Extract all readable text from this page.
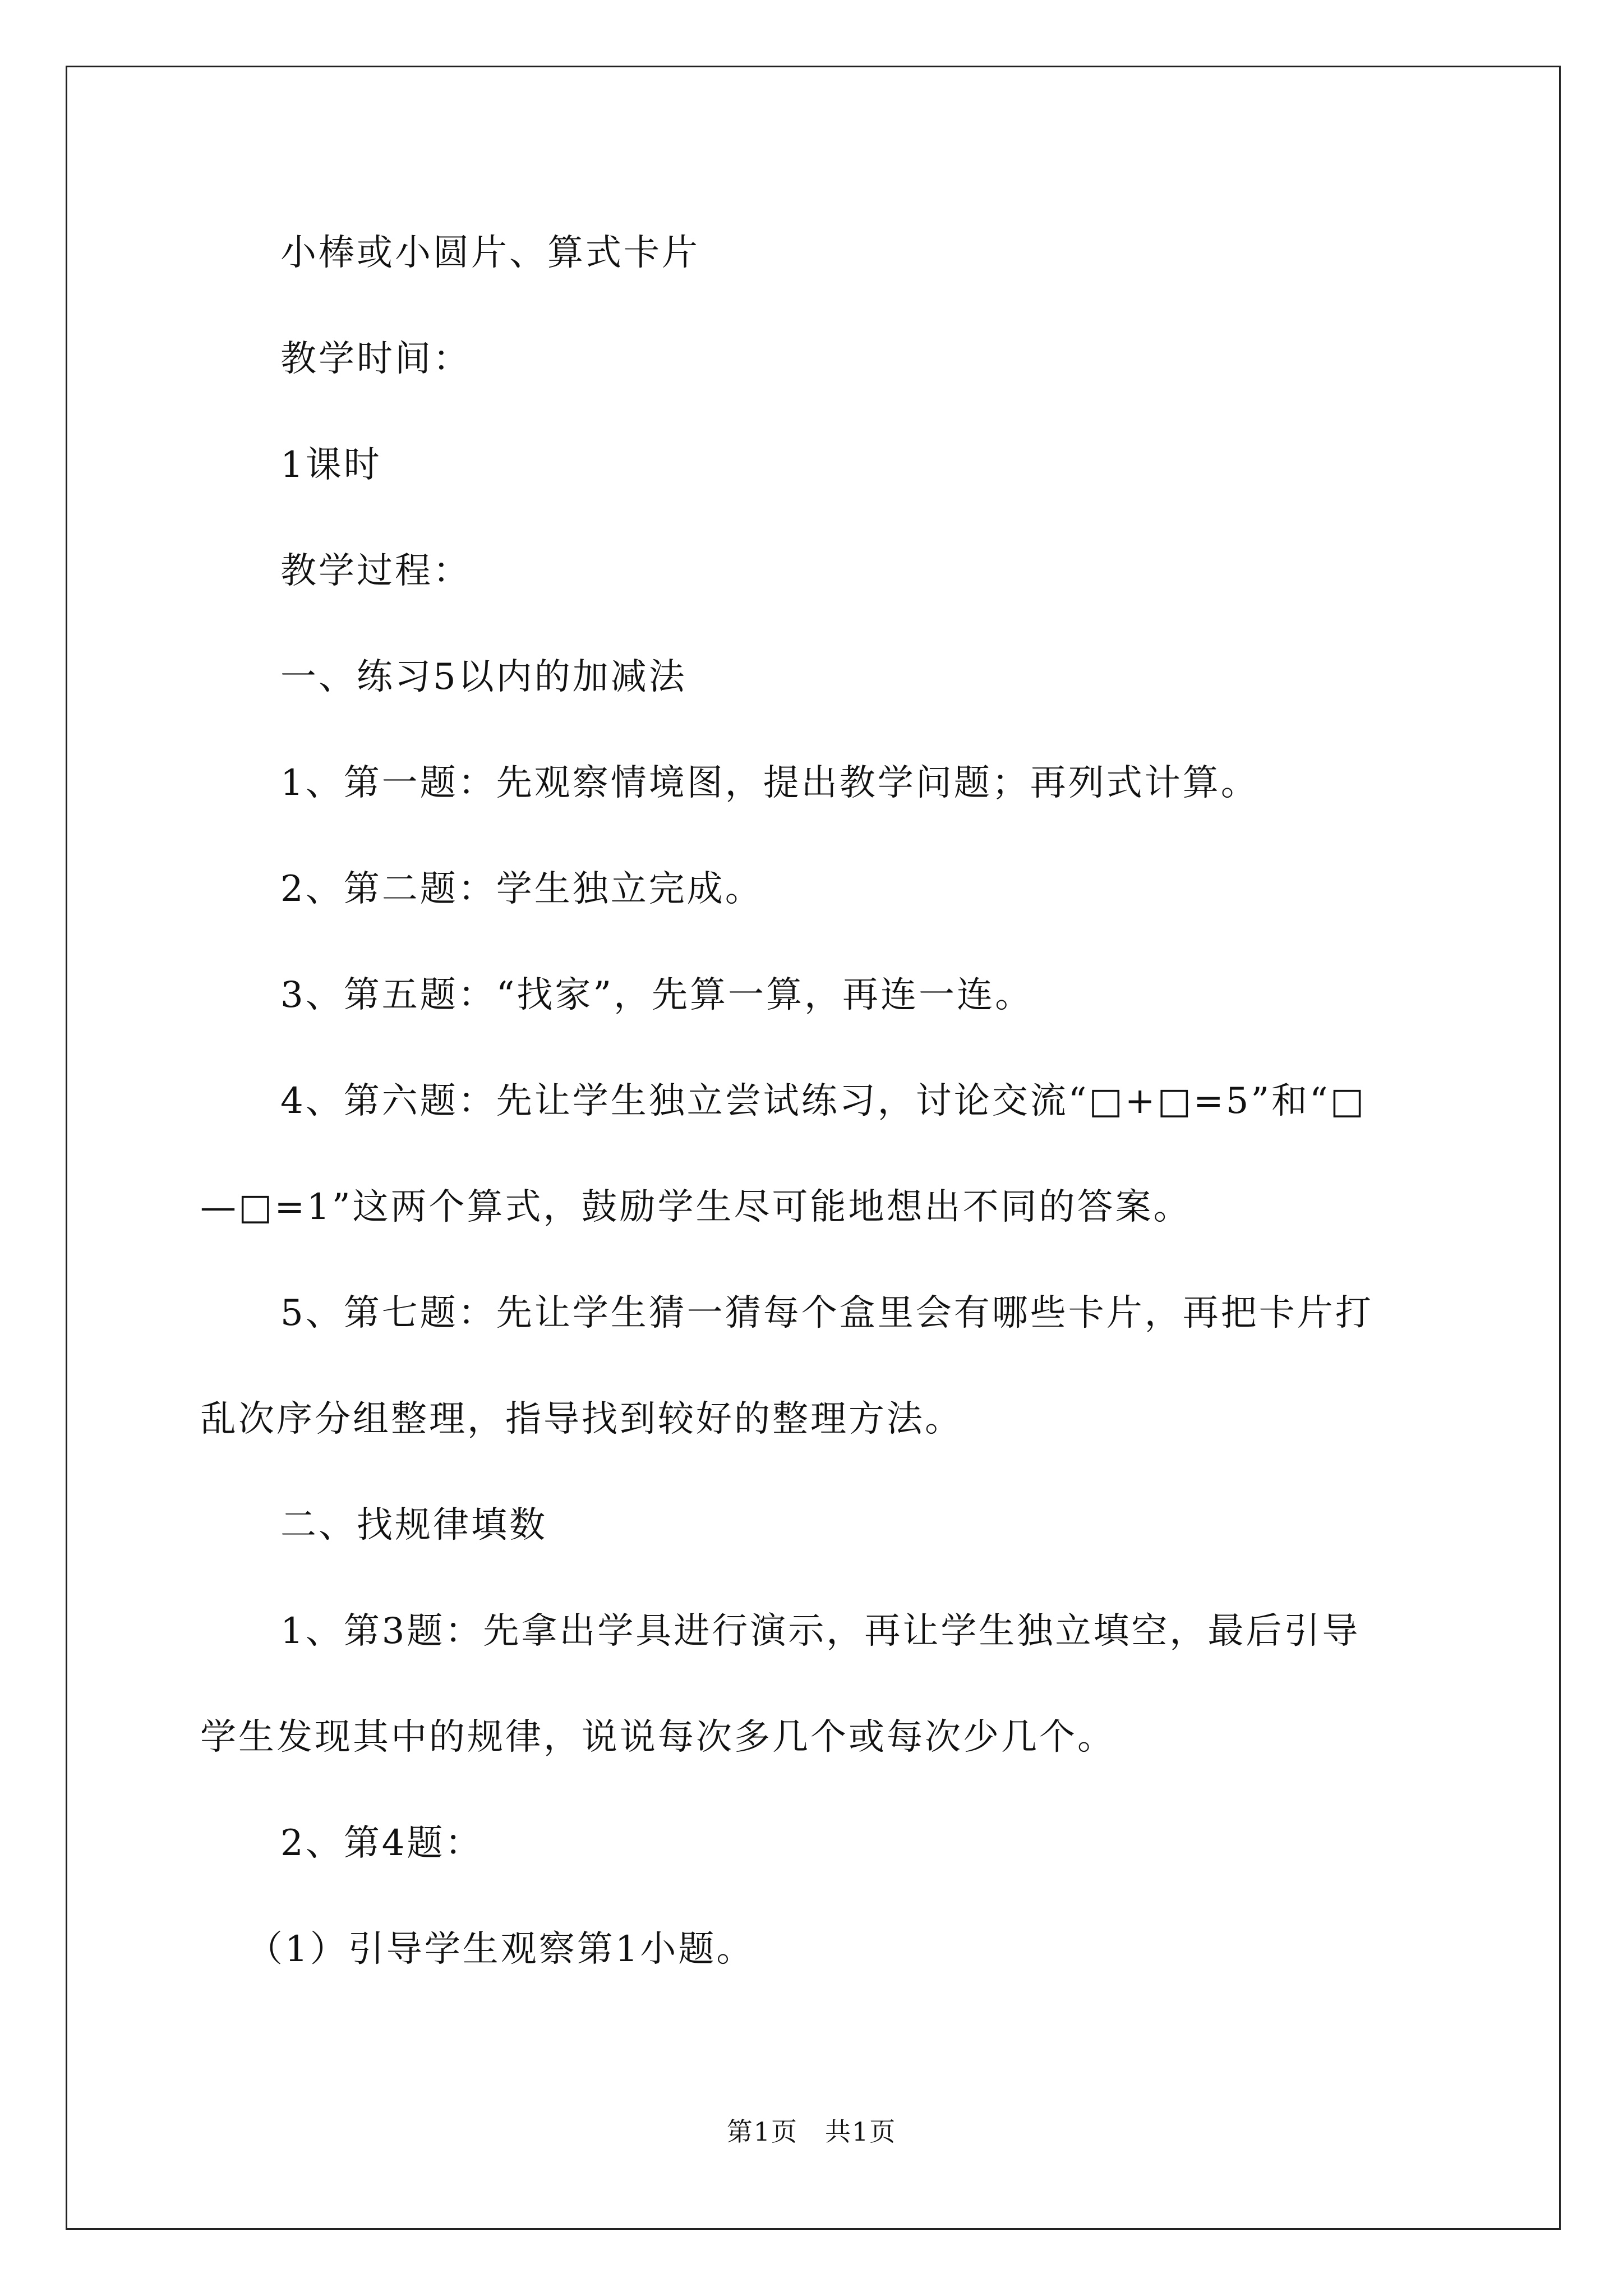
小棒或小圆片、算式卡片
教学时间：
1课时
教学过程：
一、练习5以内的加减法
1、第一题：先观察情境图，提出教学问题；再列式计算。
2、第二题：学生独立完成。
3、第五题：“找家”，先算一算，再连一连。
4、第六题：先让学生独立尝试练习，讨论交流“□+□=5”和“□
—□=1”这两个算式，鼓励学生尽可能地想出不同的答案。
5、第七题：先让学生猜一猜每个盒里会有哪些卡片，再把卡片打
乱次序分组整理，指导找到较好的整理方法。
二、找规律填数
1、第3题：先拿出学具进行演示，再让学生独立填空，最后引导
学生发现其中的规律，说说每次多几个或每次少几个。
2、第4题：
（1）引导学生观察第1小题。
第1页　共1页
